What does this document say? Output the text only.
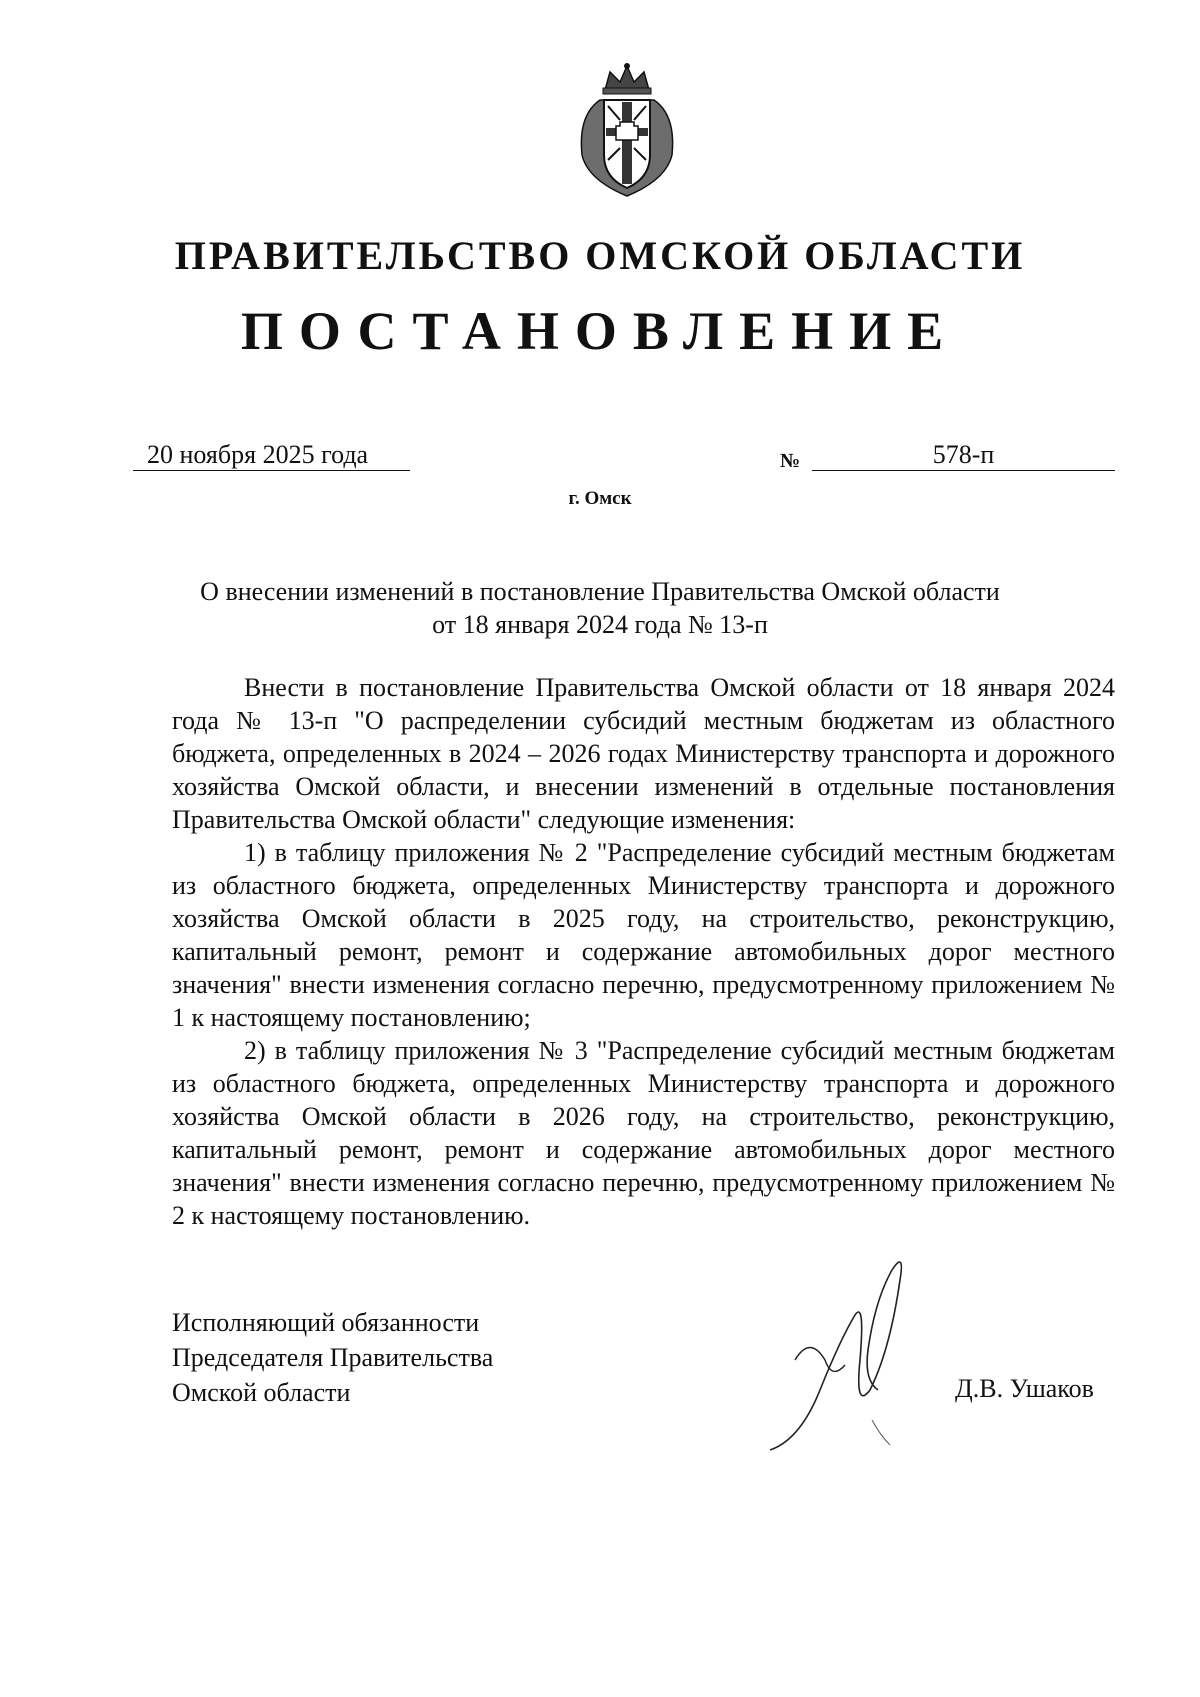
ПРАВИТЕЛЬСТВО ОМСКОЙ ОБЛАСТИ
ПОСТАНОВЛЕНИЕ
20 ноября 2025 года	№	578-п
г. Омск
О внесении изменений в постановление Правительства Омской области
от 18 января 2024 года № 13-п

Внести в постановление Правительства Омской области от 18 января 2024 года № 13-п "О распределении субсидий местным бюджетам из областного бюджета, определенных в 2024 – 2026 годах Министерству транспорта и дорожного хозяйства Омской области, и внесении изменений в отдельные постановления Правительства Омской области" следующие изменения:

1) в таблицу приложения № 2 "Распределение субсидий местным бюджетам из областного бюджета, определенных Министерству транспорта и дорожного хозяйства Омской области в 2025 году, на строительство, реконструкцию, капитальный ремонт, ремонт и содержание автомобильных дорог местного значения" внести изменения согласно перечню, предусмотренному приложением № 1 к настоящему постановлению;

2) в таблицу приложения № 3 "Распределение субсидий местным бюджетам из областного бюджета, определенных Министерству транспорта и дорожного хозяйства Омской области в 2026 году, на строительство, реконструкцию, капитальный ремонт, ремонт и содержание автомобильных дорог местного значения" внести изменения согласно перечню, предусмотренному приложением № 2 к настоящему постановлению.

Исполняющий обязанности
Председателя Правительства
Омской области	Д.В. Ушаков
